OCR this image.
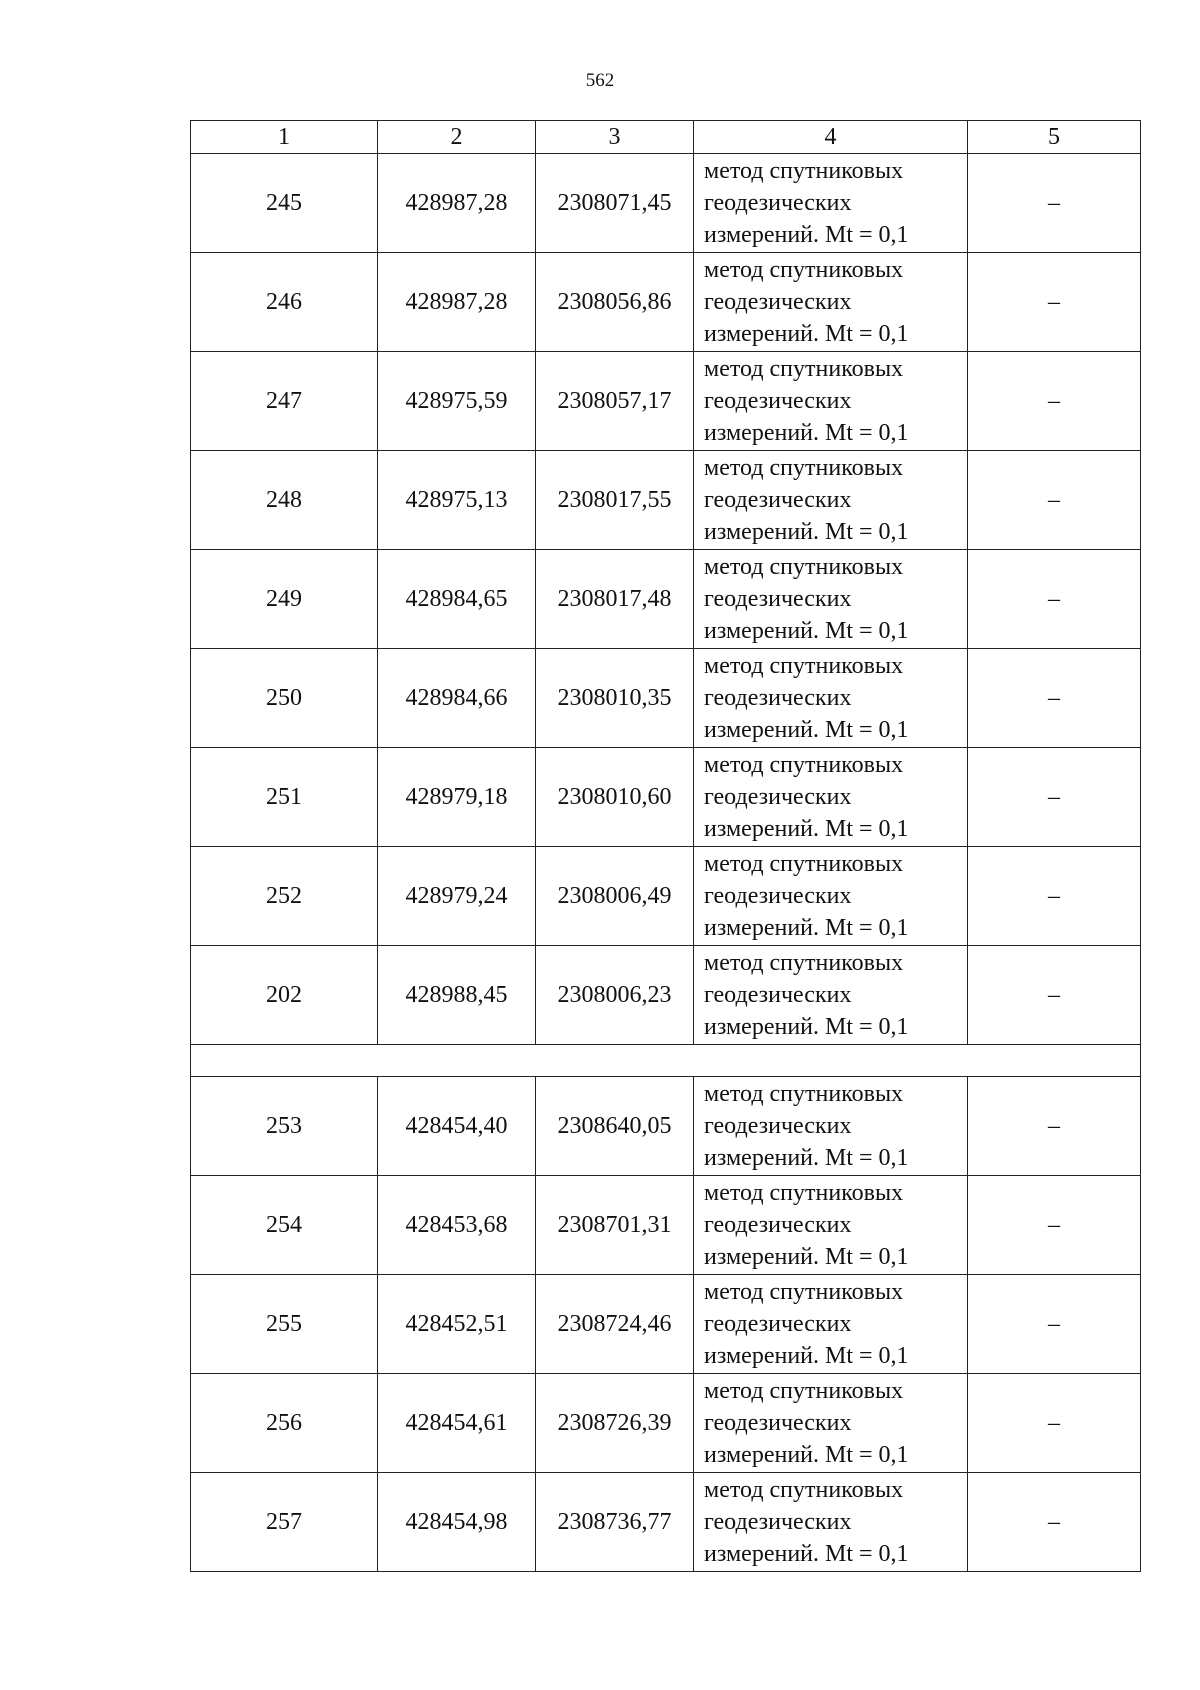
562
1	2	3	4	5
245	428987,28	2308071,45	метод спутниковых
геодезических
измерений. Mt = 0,1	–
246	428987,28	2308056,86	метод спутниковых
геодезических
измерений. Mt = 0,1	–
247	428975,59	2308057,17	метод спутниковых
геодезических
измерений. Mt = 0,1	–
248	428975,13	2308017,55	метод спутниковых
геодезических
измерений. Mt = 0,1	–
249	428984,65	2308017,48	метод спутниковых
геодезических
измерений. Mt = 0,1	–
250	428984,66	2308010,35	метод спутниковых
геодезических
измерений. Mt = 0,1	–
251	428979,18	2308010,60	метод спутниковых
геодезических
измерений. Mt = 0,1	–
252	428979,24	2308006,49	метод спутниковых
геодезических
измерений. Mt = 0,1	–
202	428988,45	2308006,23	метод спутниковых
геодезических
измерений. Mt = 0,1	–

253	428454,40	2308640,05	метод спутниковых
геодезических
измерений. Mt = 0,1	–
254	428453,68	2308701,31	метод спутниковых
геодезических
измерений. Mt = 0,1	–
255	428452,51	2308724,46	метод спутниковых
геодезических
измерений. Mt = 0,1	–
256	428454,61	2308726,39	метод спутниковых
геодезических
измерений. Mt = 0,1	–
257	428454,98	2308736,77	метод спутниковых
геодезических
измерений. Mt = 0,1	–
